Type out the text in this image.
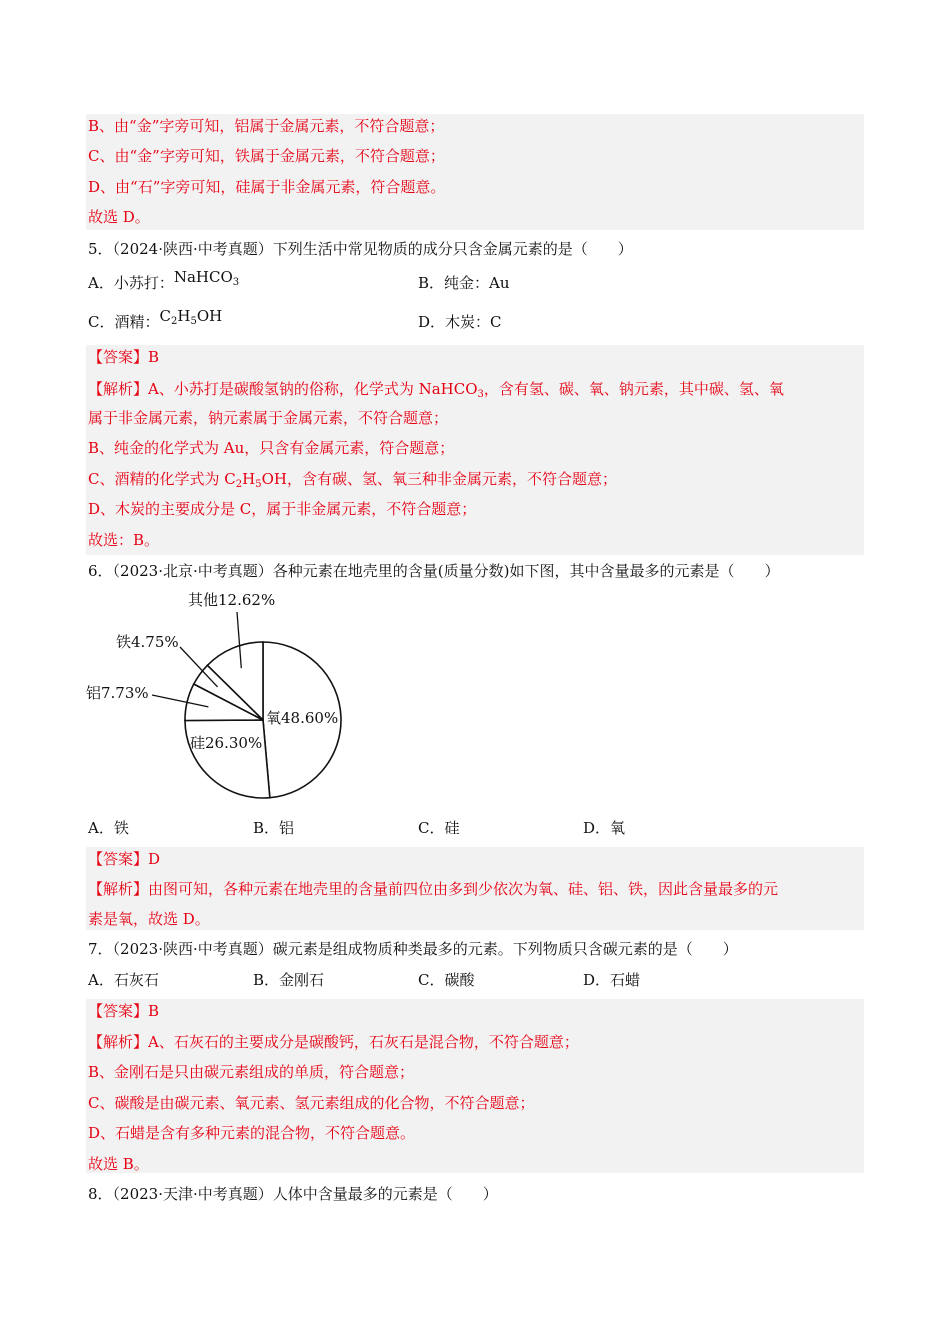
B、由“金”字旁可知，铝属于金属元素，不符合题意；
C、由“金”字旁可知，铁属于金属元素，不符合题意；
D、由“石”字旁可知，硅属于非金属元素，符合题意。
故选 D。
5．（2024·陕西·中考真题）下列生活中常见物质的成分只含金属元素的是（　　）
A．小苏打：NaHCO$_3$	B．纯金：Au
C．酒精：$C_2H_5OH$	D．木炭：C
【答案】B
【解析】A、小苏打是碳酸氢钠的俗称，化学式为 NaHCO$_3$，含有氢、碳、氧、钠元素，其中碳、氢、氧
属于非金属元素，钠元素属于金属元素，不符合题意；
B、纯金的化学式为 Au，只含有金属元素，符合题意；
C、酒精的化学式为 $C_2H_5OH$，含有碳、氢、氧三种非金属元素，不符合题意；
D、木炭的主要成分是 C，属于非金属元素，不符合题意；
故选：B。
6．（2023·北京·中考真题）各种元素在地壳里的含量(质量分数)如下图，其中含量最多的元素是（　　）
氧48.60%
硅26.30%
铝7.73%
铁4.75%
其他12.62%
A．铁	B．铝	C．硅	D．氧
【答案】D
【解析】由图可知，各种元素在地壳里的含量前四位由多到少依次为氧、硅、铝、铁，因此含量最多的元
素是氧，故选 D。
7．（2023·陕西·中考真题）碳元素是组成物质种类最多的元素。下列物质只含碳元素的是（　　）
A．石灰石	B．金刚石	C．碳酸	D．石蜡
【答案】B
【解析】A、石灰石的主要成分是碳酸钙，石灰石是混合物，不符合题意；
B、金刚石是只由碳元素组成的单质，符合题意；
C、碳酸是由碳元素、氧元素、氢元素组成的化合物，不符合题意；
D、石蜡是含有多种元素的混合物，不符合题意。
故选 B。
8．（2023·天津·中考真题）人体中含量最多的元素是（　　）
